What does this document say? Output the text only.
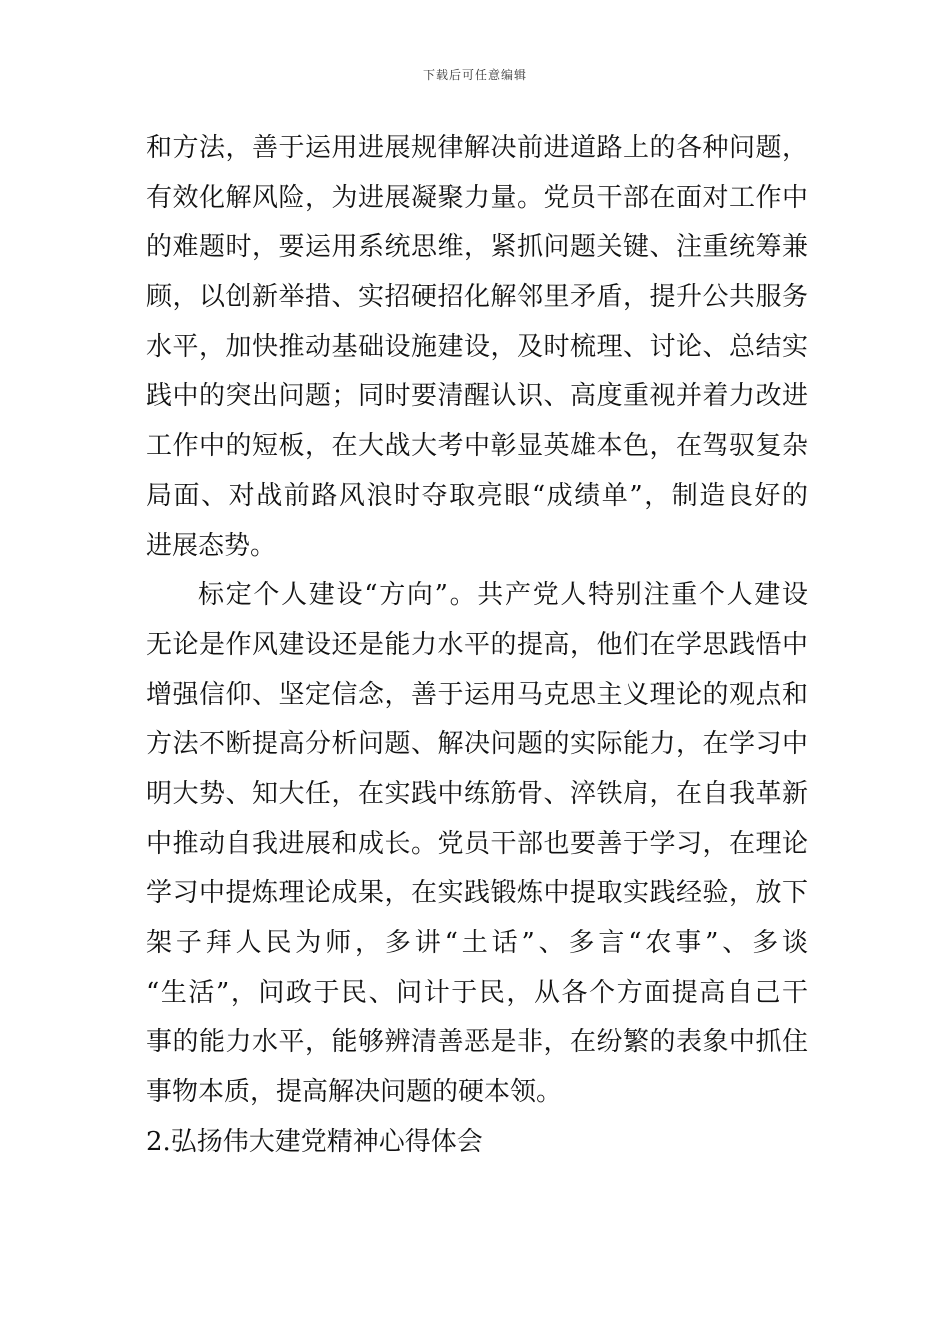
下载后可任意编辑
和方法，善于运用进展规律解决前进道路上的各种问题，
有效化解风险，为进展凝聚力量。党员干部在面对工作中
的难题时，要运用系统思维，紧抓问题关键、注重统筹兼
顾，以创新举措、实招硬招化解邻里矛盾，提升公共服务
水平，加快推动基础设施建设，及时梳理、讨论、总结实
践中的突出问题；同时要清醒认识、高度重视并着力改进
工作中的短板，在大战大考中彰显英雄本色，在驾驭复杂
局面、对战前路风浪时夺取亮眼“成绩单”，制造良好的
进展态势。
标定个人建设“方向”。共产党人特别注重个人建设
无论是作风建设还是能力水平的提高，他们在学思践悟中
增强信仰、坚定信念，善于运用马克思主义理论的观点和
方法不断提高分析问题、解决问题的实际能力，在学习中
明大势、知大任，在实践中练筋骨、淬铁肩，在自我革新
中推动自我进展和成长。党员干部也要善于学习，在理论
学习中提炼理论成果，在实践锻炼中提取实践经验，放下
架子拜人民为师，多讲“土话”、多言“农事”、多谈
“生活”，问政于民、问计于民，从各个方面提高自己干
事的能力水平，能够辨清善恶是非，在纷繁的表象中抓住
事物本质，提高解决问题的硬本领。
2.弘扬伟大建党精神心得体会
